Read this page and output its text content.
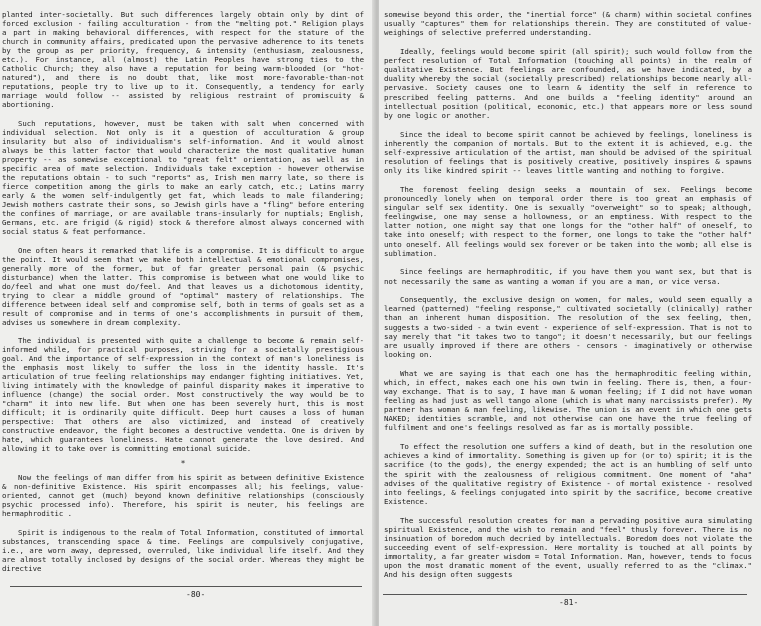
planted inter-societally. But such differences largely obtain only by dint of forced exclusion - failing acculturation - from the "melting pot." Religion plays a part in making behavioral differences, with respect for the stature of the church in community affairs, predicated upon the pervasive adherence to its tenets by the group as per priority, frequency, & intensity (enthusiasm, zealousness, etc.). For instance, all (almost) the Latin Peoples have strong ties to the Catholic Church; they also have a reputation for being warm-blooded (or "hot-natured"), and there is no doubt that, like most more-favorable-than-not reputations, people try to live up to it. Consequently, a tendency for early marriage would follow -- assisted by religious restraint of promiscuity & abortioning.

Such reputations, however, must be taken with salt when concerned with individual selection. Not only is it a question of acculturation & group insularity but also of individualism's self-information. And it would almost always be this latter factor that would characterize the most qualitative human property -- as somewise exceptional to "great felt" orientation, as well as in specific area of mate selection. Individuals take exception - however otherwise the reputations obtain - to such "reports" as, Irish men marry late, so there is fierce competition among the girls to make an early catch, etc.; Latins marry early & the women self-indulgently get fat, which leads to male filandering; Jewish mothers castrate their sons, so Jewish girls have a "fling" before entering the confines of marriage, or are available trans-insularly for nuptials; English, Germans, etc. are frigid (& rigid) stock & therefore almost always concerned with social status & feat performance.

One often hears it remarked that life is a compromise. It is difficult to argue the point. It would seem that we make both intellectual & emotional compromises, generally more of the former, but of far greater personal pain (& psychic disturbance) when the latter. This compromise is between what one would like to do/feel and what one must do/feel. And that leaves us a dichotomous identity, trying to clear a middle ground of "optimal" mastery of relationships. The difference between ideal self and compromise self, both in terms of goals set as a result of compromise and in terms of one's accomplishments in pursuit of them, advises us somewhere in dream complexity.

The individual is presented with quite a challenge to become & remain self-informed while, for practical purposes, striving for a societally prestigious goal. And the importance of self-expression in the context of man's loneliness is the emphasis most likely to suffer the loss in the identity hassle. It's articulation of true feeling relationships may endanger fighting initiatives. Yet, living intimately with the knowledge of painful disparity makes it imperative to influence (change) the social order. Most constructively the way would be to "charm" it into new life. But when one has been severely hurt, this is most difficult; it is ordinarily quite difficult. Deep hurt causes a loss of human perspective: That others are also victimized, and instead of creatively constructive endeavor, the fight becomes a destructive vendetta. One is driven by hate, which guarantees loneliness. Hate cannot generate the love desired. And allowing it to take over is committing emotional suicide.

*

Now the feelings of man differ from his spirit as between definitive Existence & non-definitive Existence. His spirit encompasses all; his feelings, value-oriented, cannot get (much) beyond known definitive relationships (consciously psychic processed info). Therefore, his spirit is neuter, his feelings are hermaphroditic .

Spirit is indigenous to the realm of Total Information, constituted of immortal substances, transcending space & time. Feelings are compulsively conjugative, i.e., are worn away, depressed, overruled, like individual life itself. And they are almost totally inclosed by designs of the social order. Whereas they might be directive

-80-

somewise beyond this order, the "inertial force" (& charm) within societal confines usually "captures" them for relationships therein. They are constituted of value-weighings of selective preferred understanding.

Ideally, feelings would become spirit (all spirit); such would follow from the perfect resolution of Total Information (touching all points) in the realm of qualitative Existence. But feelings are confounded, as we have indicated, by a duality whereby the social (societally prescribed) relationships become nearly all-pervasive. Society causes one to learn & identity the self in reference to prescribed feeling patterns. And one builds a "feeling identity" around an intellectual position (political, economic, etc.) that appears more or less sound by one logic or another.

Since the ideal to become spirit cannot be achieved by feelings, loneliness is inherently the companion of mortals. But to the extent it is achieved, e.g. the self-expressive articulation of the artist, man should be advised of the spiritual resolution of feelings that is positively creative, positively inspires & spawns only its like kindred spirit -- leaves little wanting and nothing to forgive.

The foremost feeling design seeks a mountain of sex. Feelings become pronouncedly lonely when on temporal order there is too great an emphasis of singular self sex identity. One is sexually "overweight" so to speak; although, feelingwise, one may sense a hollowness, or an emptiness. With respect to the latter notion, one might say that one longs for the "other half" of oneself, to take into oneself; with respect to the former, one longs to take the "other half" unto oneself. All feelings would sex forever or be taken into the womb; all else is sublimation.

Since feelings are hermaphroditic, if you have them you want sex, but that is not necessarily the same as wanting a woman if you are a man, or vice versa.

Consequently, the exclusive design on women, for males, would seem equally a learned (patterned) "feeling response," cultivated societally (clinically) rather than an inherent human disposition. The resolution of the sex feeling, then, suggests a two-sided - a twin event - experience of self-expression. That is not to say merely that "it takes two to tango"; it doesn't necessarily, but our feelings are usually improved if there are others - censors - imaginatively or otherwise looking on.

What we are saying is that each one has the hermaphroditic feeling within, which, in effect, makes each one his own twin in feeling. There is, then, a four-way exchange. That is to say, I have man & woman feeling; if I did not have woman feeling as had just as well tango alone (which is what many narcissists prefer). My partner has woman & man feeling, likewise. The union is an event in which one gets NAKED; identities scramble, and not otherwise can one have the true feeling of fulfilment and one's feelings resolved as far as is mortally possible.

To effect the resolution one suffers a kind of death, but in the resolution one achieves a kind of immortality. Something is given up for (or to) spirit; it is the sacrifice (to the gods), the energy expended; the act is an humbling of self unto the spirit with the zealousness of religious commitment. One moment of "aha" advises of the qualitative registry of Existence - of mortal existence - resolved into feelings, & feelings conjugated into spirit by the sacrifice, become creative Existence.

The successful resolution creates for man a pervading positive aura simulating spiritual Existence, and the wish to remain and "feel" thusly forever. There is no insinuation of boredom much decried by intellectuals. Boredom does not violate the succeeding event of self-expression. Here mortality is touched at all points by immortality, a far greater wisdom = Total Information. Man, however, tends to focus upon the most dramatic moment of the event, usually referred to as the "climax." And his design often suggests

-81-
